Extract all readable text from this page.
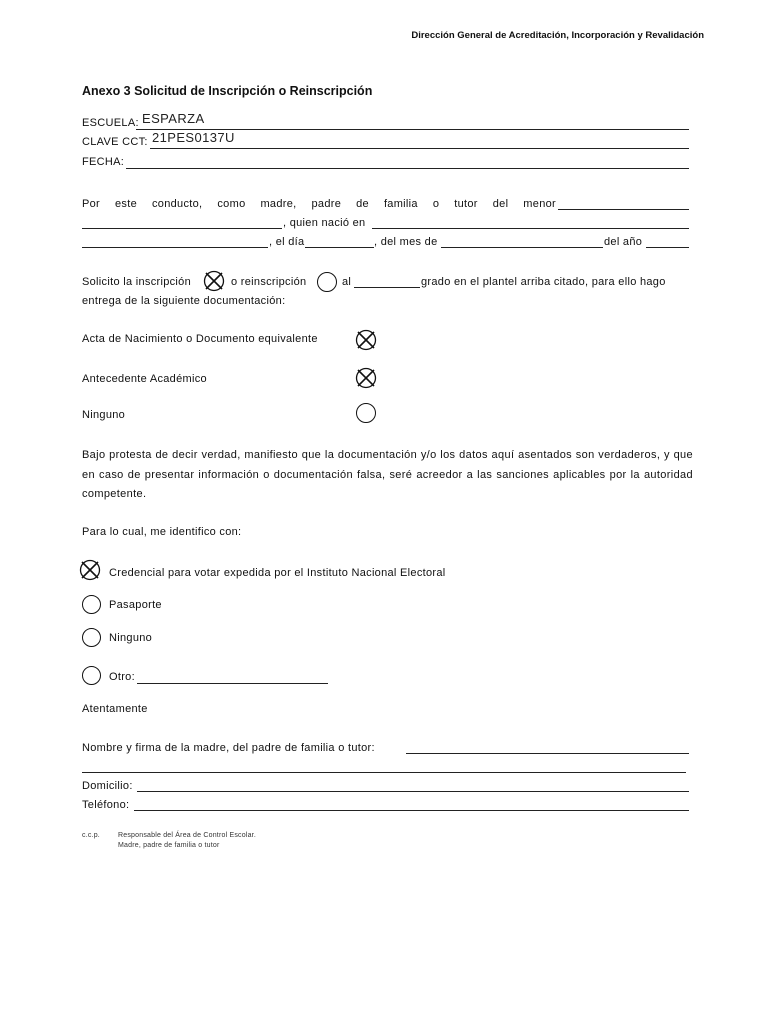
Dirección General de Acreditación, Incorporación y Revalidación
Anexo 3 Solicitud de Inscripción o Reinscripción
ESCUELA: ESPARZA
CLAVE CCT: 21PES0137U
FECHA:
Por este conducto, como madre, padre de familia o tutor del menor
, quien nació en
, el día	, del mes de	del año
Solicito la inscripción	o reinscripción	al	grado en el plantel arriba citado, para ello hago
entrega de la siguiente documentación:
Acta de Nacimiento o Documento equivalente
Antecedente Académico
Ninguno
Bajo protesta de decir verdad, manifiesto que la documentación y/o los datos aquí asentados son verdaderos, y que en caso de presentar información o documentación falsa, seré acreedor a las sanciones aplicables por la autoridad competente.
Para lo cual, me identifico con:
Credencial para votar expedida por el Instituto Nacional Electoral
Pasaporte
Ninguno
Otro:
Atentamente
Nombre y firma de la madre, del padre de familia o tutor:
Domicilio:
Teléfono:
c.c.p.	Responsable del Área de Control Escolar.
Madre, padre de familia o tutor
